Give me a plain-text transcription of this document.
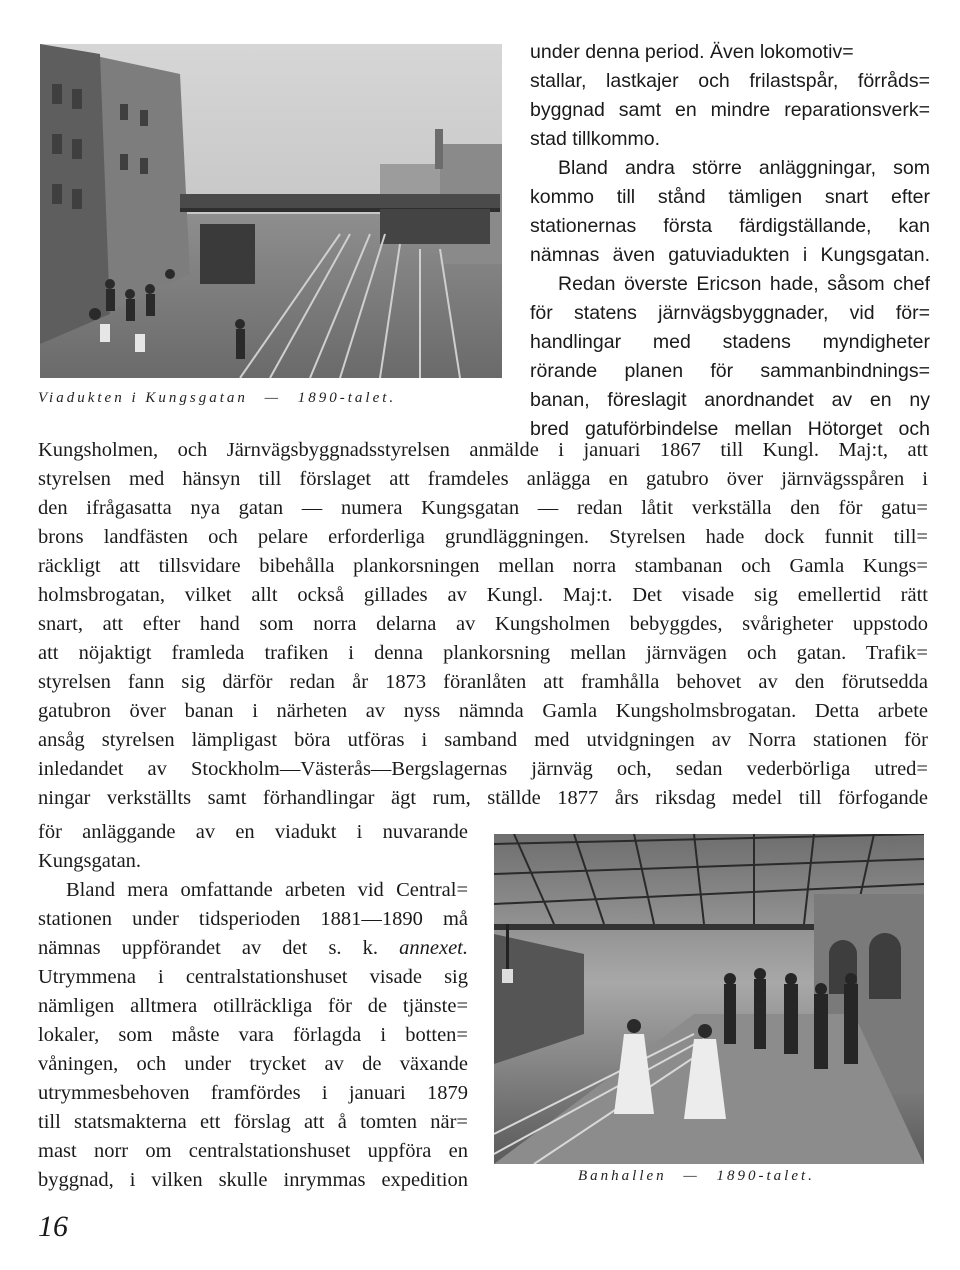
Viadukten i Kungsgatan — 1890-talet.
under denna period. Även lokomotiv=
stallar, lastkajer och frilastspår, förråds=
byggnad samt en mindre reparationsverk=
stad tillkommo.
Bland andra större anläggningar, som
kommo till stånd tämligen snart efter
stationernas första färdigställande, kan
nämnas även gatuviadukten i Kungsgatan.
Redan överste Ericson hade, såsom chef
för statens järnvägsbyggnader, vid för=
handlingar med stadens myndigheter
rörande planen för sammanbindnings=
banan, föreslagit anordnandet av en ny
bred gatuförbindelse mellan Hötorget och
Kungsholmen, och Järnvägsbyggnadsstyrelsen anmälde i januari 1867 till Kungl. Maj:t, att
styrelsen med hänsyn till förslaget att framdeles anlägga en gatubro över järnvägsspåren i
den ifrågasatta nya gatan — numera Kungsgatan — redan låtit verkställa den för gatu=
brons landfästen och pelare erforderliga grundläggningen. Styrelsen hade dock funnit till=
räckligt att tillsvidare bibehålla plankorsningen mellan norra stambanan och Gamla Kungs=
holmsbrogatan, vilket allt också gillades av Kungl. Maj:t. Det visade sig emellertid rätt
snart, att efter hand som norra delarna av Kungsholmen bebyggdes, svårigheter uppstodo
att nöjaktigt framleda trafiken i denna plankorsning mellan järnvägen och gatan. Trafik=
styrelsen fann sig därför redan år 1873 föranlåten att framhålla behovet av den förutsedda
gatubron över banan i närheten av nyss nämnda Gamla Kungsholmsbrogatan. Detta arbete
ansåg styrelsen lämpligast böra utföras i samband med utvidgningen av Norra stationen för
inledandet av Stockholm—Västerås—Bergslagernas järnväg och, sedan vederbörliga utred=
ningar verkställts samt förhandlingar ägt rum, ställde 1877 års riksdag medel till förfogande
för anläggande av en viadukt i nuvarande
Kungsgatan.
Bland mera omfattande arbeten vid Central=
stationen under tidsperioden 1881—1890 må
nämnas uppförandet av det s. k. annexet.
Utrymmena i centralstationshuset visade sig
nämligen alltmera otillräckliga för de tjänste=
lokaler, som måste vara förlagda i botten=
våningen, och under trycket av de växande
utrymmesbehoven framfördes i januari 1879
till statsmakterna ett förslag att å tomten när=
mast norr om centralstationshuset uppföra en
byggnad, i vilken skulle inrymmas expedition	Banhallen — 1890-talet.
16
